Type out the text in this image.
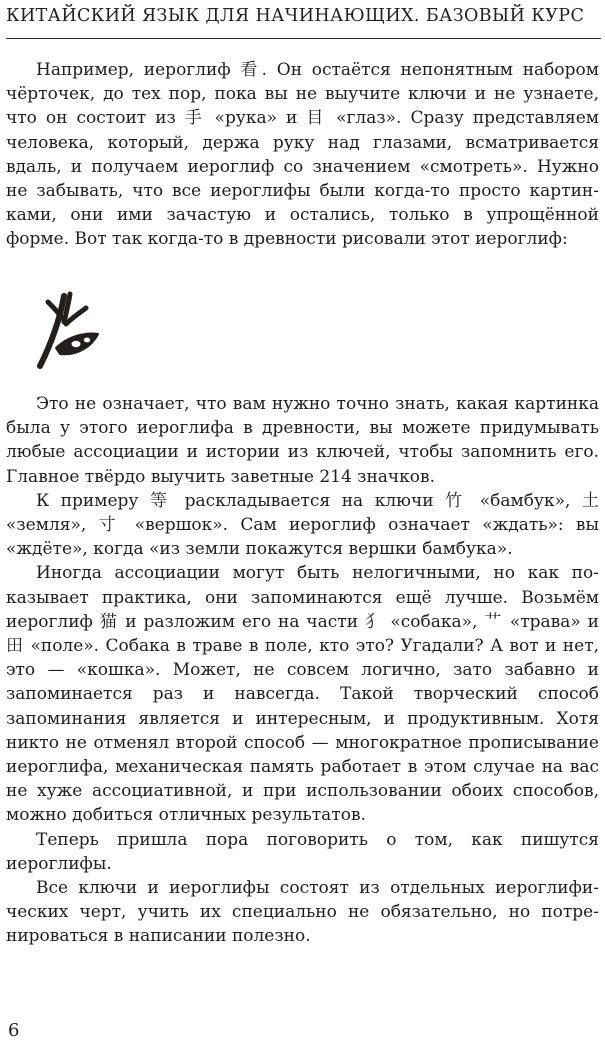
КИТАЙСКИЙ ЯЗЫК ДЛЯ НАЧИНАЮЩИХ. БАЗОВЫЙ КУРС

Например, иероглиф 看. Он остаётся непонятным набором чёрточек, до тех пор, пока вы не выучите ключи и не узнаете, что он состоит из 手 «рука» и 目 «глаз». Сразу представляем человека, который, держа руку над глазами, всматривается вдаль, и получаем иероглиф со значением «смотреть». Нужно не забывать, что все иероглифы были когда-то просто картинками, они ими зачастую и остались, только в упрощённой форме. Вот так когда-то в древности рисовали этот иероглиф:

Это не означает, что вам нужно точно знать, какая картинка была у этого иероглифа в древности, вы можете придумывать любые ассоциации и истории из ключей, чтобы запомнить его. Главное твёрдо выучить заветные 214 значков.

К примеру 等 раскладывается на ключи 竹 «бамбук», 土 «земля», 寸 «вершок». Сам иероглиф означает «ждать»: вы «ждёте», когда «из земли покажутся вершки бамбука».

Иногда ассоциации могут быть нелогичными, но как показывает практика, они запоминаются ещё лучше. Возьмём иероглиф 猫 и разложим его на части 犭 «собака», 艹 «трава» и 田 «поле». Собака в траве в поле, кто это? Угадали? А вот и нет, это — «кошка». Может, не совсем логично, зато забавно и запоминается раз и навсегда. Такой творческий способ запоминания является и интересным, и продуктивным. Хотя никто не отменял второй способ — многократное прописывание иероглифа, механическая память работает в этом случае на вас не хуже ассоциативной, и при использовании обоих способов, можно добиться отличных результатов.

Теперь пришла пора поговорить о том, как пишутся иероглифы.

Все ключи и иероглифы состоят из отдельных иероглифических черт, учить их специально не обязательно, но потренироваться в написании полезно.

6
